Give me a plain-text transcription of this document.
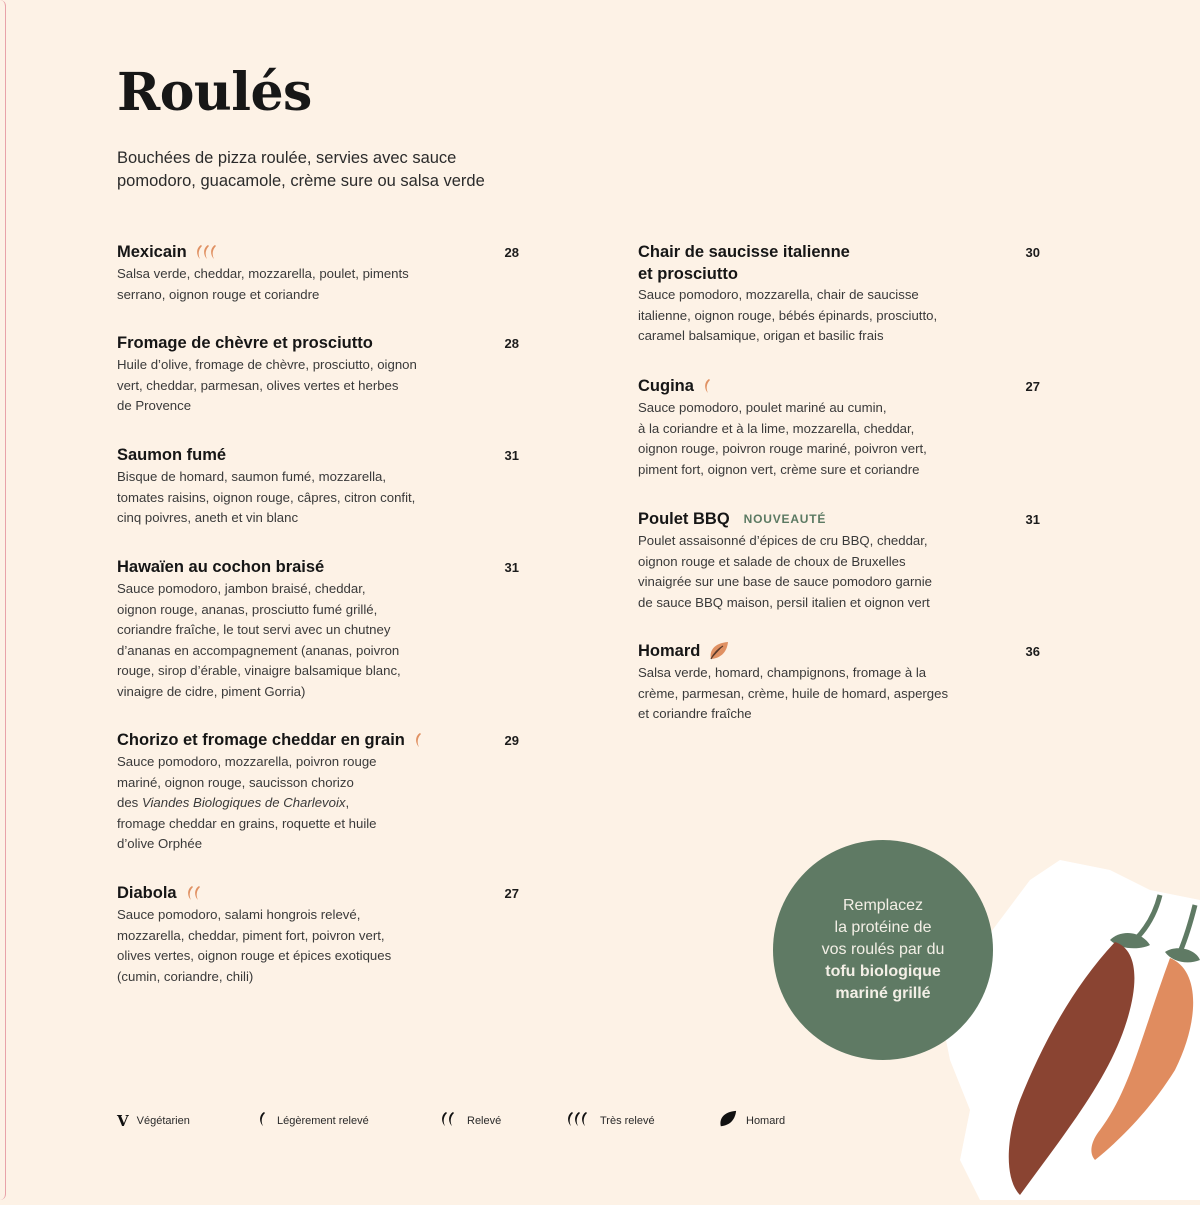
Roulés

Bouchées de pizza roulée, servies avec sauce
pomodoro, guacamole, crème sure ou salsa verde

Mexicain	28

Salsa verde, cheddar, mozzarella, poulet, piments
serrano, oignon rouge et coriandre

Fromage de chèvre et prosciutto	28

Huile d’olive, fromage de chèvre, prosciutto, oignon
vert, cheddar, parmesan, olives vertes et herbes
de Provence

Saumon fumé	31

Bisque de homard, saumon fumé, mozzarella,
tomates raisins, oignon rouge, câpres, citron confit,
cinq poivres, aneth et vin blanc

Hawaïen au cochon braisé	31

Sauce pomodoro, jambon braisé, cheddar,
oignon rouge, ananas, prosciutto fumé grillé,
coriandre fraîche, le tout servi avec un chutney
d’ananas en accompagnement (ananas, poivron
rouge, sirop d’érable, vinaigre balsamique blanc,
vinaigre de cidre, piment Gorria)

Chorizo et fromage cheddar en grain	29

Sauce pomodoro, mozzarella, poivron rouge
mariné, oignon rouge, saucisson chorizo
des Viandes Biologiques de Charlevoix,
fromage cheddar en grains, roquette et huile
d’olive Orphée

Diabola	27

Sauce pomodoro, salami hongrois relevé,
mozzarella, cheddar, piment fort, poivron vert,
olives vertes, oignon rouge et épices exotiques
(cumin, coriandre, chili)

Chair de saucisse italienne
et prosciutto
30

Sauce pomodoro, mozzarella, chair de saucisse
italienne, oignon rouge, bébés épinards, prosciutto,
caramel balsamique, origan et basilic frais

Cugina	27

Sauce pomodoro, poulet mariné au cumin,
à la coriandre et à la lime, mozzarella, cheddar,
oignon rouge, poivron rouge mariné, poivron vert,
piment fort, oignon vert, crème sure et coriandre

Poulet BBQ NOUVEAUTÉ	31

Poulet assaisonné d’épices de cru BBQ, cheddar,
oignon rouge et salade de choux de Bruxelles
vinaigrée sur une base de sauce pomodoro garnie
de sauce BBQ maison, persil italien et oignon vert

Homard	36

Salsa verde, homard, champignons, fromage à la
crème, parmesan, crème, huile de homard, asperges
et coriandre fraîche

Remplacez
la protéine de
vos roulés par du
tofu biologique
mariné grillé
V Végétarien	Légèrement relevé	Relevé	Très relevé	Homard
